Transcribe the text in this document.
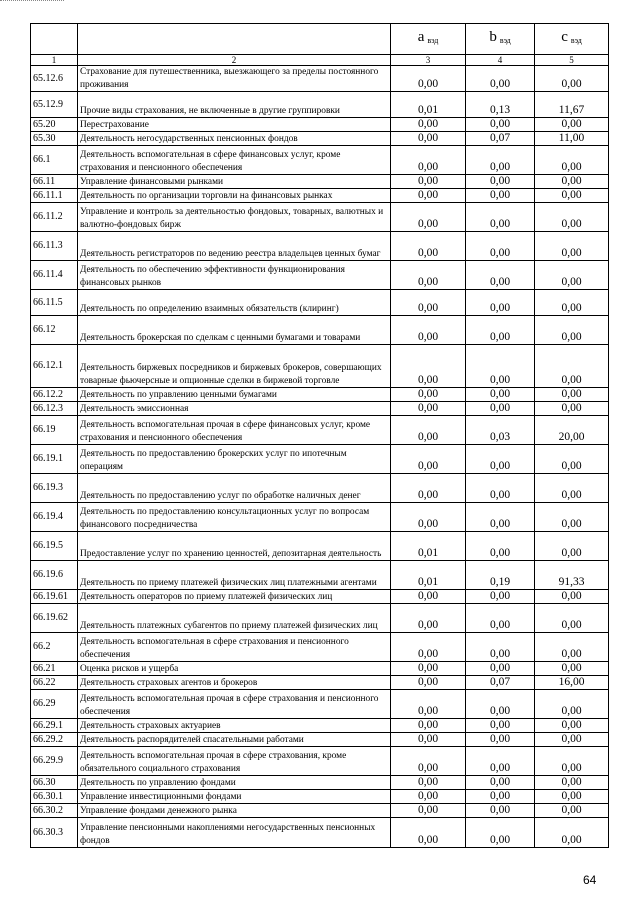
		a $_{вэд}$	b $_{вэд}$	c $_{вэд}$
1	2	3	4	5
65.12.6	Страхование для путешественника, выезжающего за пределы постоянного проживания	0,00	0,00	0,00
65.12.9	Прочие виды страхования, не включенные в другие группировки	0,01	0,13	11,67
65.20	Перестрахование	0,00	0,00	0,00
65.30	Деятельность негосударственных пенсионных фондов	0,00	0,07	11,00
66.1	Деятельность вспомогательная в сфере финансовых услуг, кроме страхования и пенсионного обеспечения	0,00	0,00	0,00
66.11	Управление финансовыми рынками	0,00	0,00	0,00
66.11.1	Деятельность по организации торговли на финансовых рынках	0,00	0,00	0,00
66.11.2	Управление и контроль за деятельностью фондовых, товарных, валютных и валютно-фондовых бирж	0,00	0,00	0,00
66.11.3	Деятельность регистраторов по ведению реестра владельцев ценных бумаг	0,00	0,00	0,00
66.11.4	Деятельность по обеспечению эффективности функционирования финансовых рынков	0,00	0,00	0,00
66.11.5	Деятельность по определению взаимных обязательств (клиринг)	0,00	0,00	0,00
66.12	Деятельность брокерская по сделкам с ценными бумагами и товарами	0,00	0,00	0,00
66.12.1	Деятельность биржевых посредников и биржевых брокеров, совершающих товарные фьючерсные и опционные сделки в биржевой торговле	0,00	0,00	0,00
66.12.2	Деятельность по управлению ценными бумагами	0,00	0,00	0,00
66.12.3	Деятельность эмиссионная	0,00	0,00	0,00
66.19	Деятельность вспомогательная прочая в сфере финансовых услуг, кроме страхования и пенсионного обеспечения	0,00	0,03	20,00
66.19.1	Деятельность по предоставлению брокерских услуг по ипотечным операциям	0,00	0,00	0,00
66.19.3	Деятельность по предоставлению услуг по обработке наличных денег	0,00	0,00	0,00
66.19.4	Деятельность по предоставлению консультационных услуг по вопросам финансового посредничества	0,00	0,00	0,00
66.19.5	Предоставление услуг по хранению ценностей, депозитарная деятельность	0,01	0,00	0,00
66.19.6	Деятельность по приему платежей физических лиц платежными агентами	0,01	0,19	91,33
66.19.61	Деятельность операторов по приему платежей физических лиц	0,00	0,00	0,00
66.19.62	Деятельность платежных субагентов по приему платежей физических лиц	0,00	0,00	0,00
66.2	Деятельность вспомогательная в сфере страхования и пенсионного обеспечения	0,00	0,00	0,00
66.21	Оценка рисков и ущерба	0,00	0,00	0,00
66.22	Деятельность страховых агентов и брокеров	0,00	0,07	16,00
66.29	Деятельность вспомогательная прочая в сфере страхования и пенсионного обеспечения	0,00	0,00	0,00
66.29.1	Деятельность страховых актуариев	0,00	0,00	0,00
66.29.2	Деятельность распорядителей спасательными работами	0,00	0,00	0,00
66.29.9	Деятельность вспомогательная прочая в сфере страхования, кроме обязательного социального страхования	0,00	0,00	0,00
66.30	Деятельность по управлению фондами	0,00	0,00	0,00
66.30.1	Управление инвестиционными фондами	0,00	0,00	0,00
66.30.2	Управление фондами денежного рынка	0,00	0,00	0,00
66.30.3	Управление пенсионными накоплениями негосударственных пенсионных фондов	0,00	0,00	0,00
64
